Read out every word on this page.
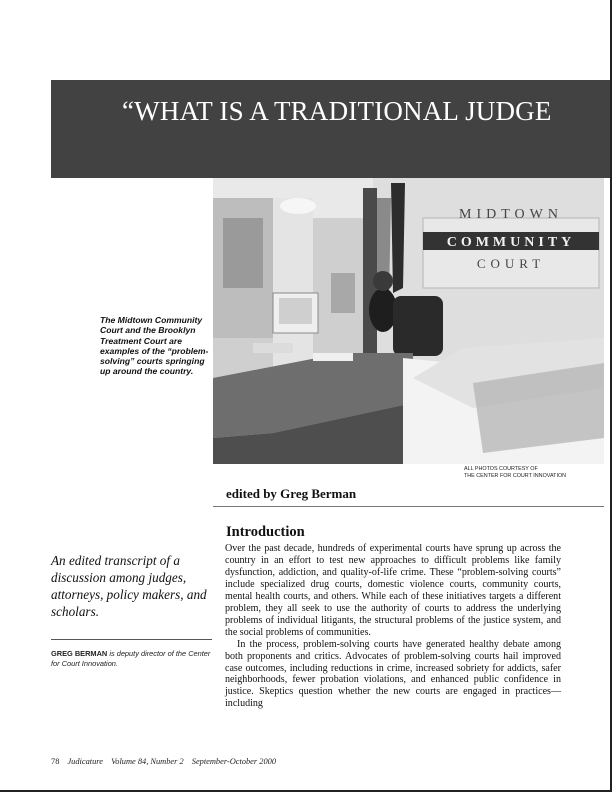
“WHAT IS A TRADITIONAL JUDGE
MIDTOWN
COMMUNITY
COURT
The Midtown Community Court and the Brooklyn Treatment Court are examples of the “problem-solving” courts springing up around the country.
ALL PHOTOS COURTESY OF
THE CENTER FOR COURT INNOVATION
edited by Greg Berman
Introduction

Over the past decade, hundreds of experimental courts have sprung up across the country in an effort to test new approaches to difficult problems like family dysfunction, addiction, and quality-of-life crime. These “problem-solving courts” include specialized drug courts, domestic violence courts, community courts, mental health courts, and others. While each of these initiatives targets a different problem, they all seek to use the authority of courts to address the underlying problems of individual litigants, the structural problems of the justice system, and the social problems of communities.

In the process, problem-solving courts have generated healthy debate among both proponents and critics. Advocates of problem-solving courts hail improved case outcomes, including reductions in crime, increased sobriety for addicts, safer neighborhoods, fewer probation violations, and enhanced public confidence in justice. Skeptics question whether the new courts are engaged in practices—including

An edited transcript of a discussion among judges, attorneys, policy makers, and scholars.
GREG BERMAN is deputy director of the Center for Court Innovation.
78 Judicature Volume 84, Number 2 September-October 2000
